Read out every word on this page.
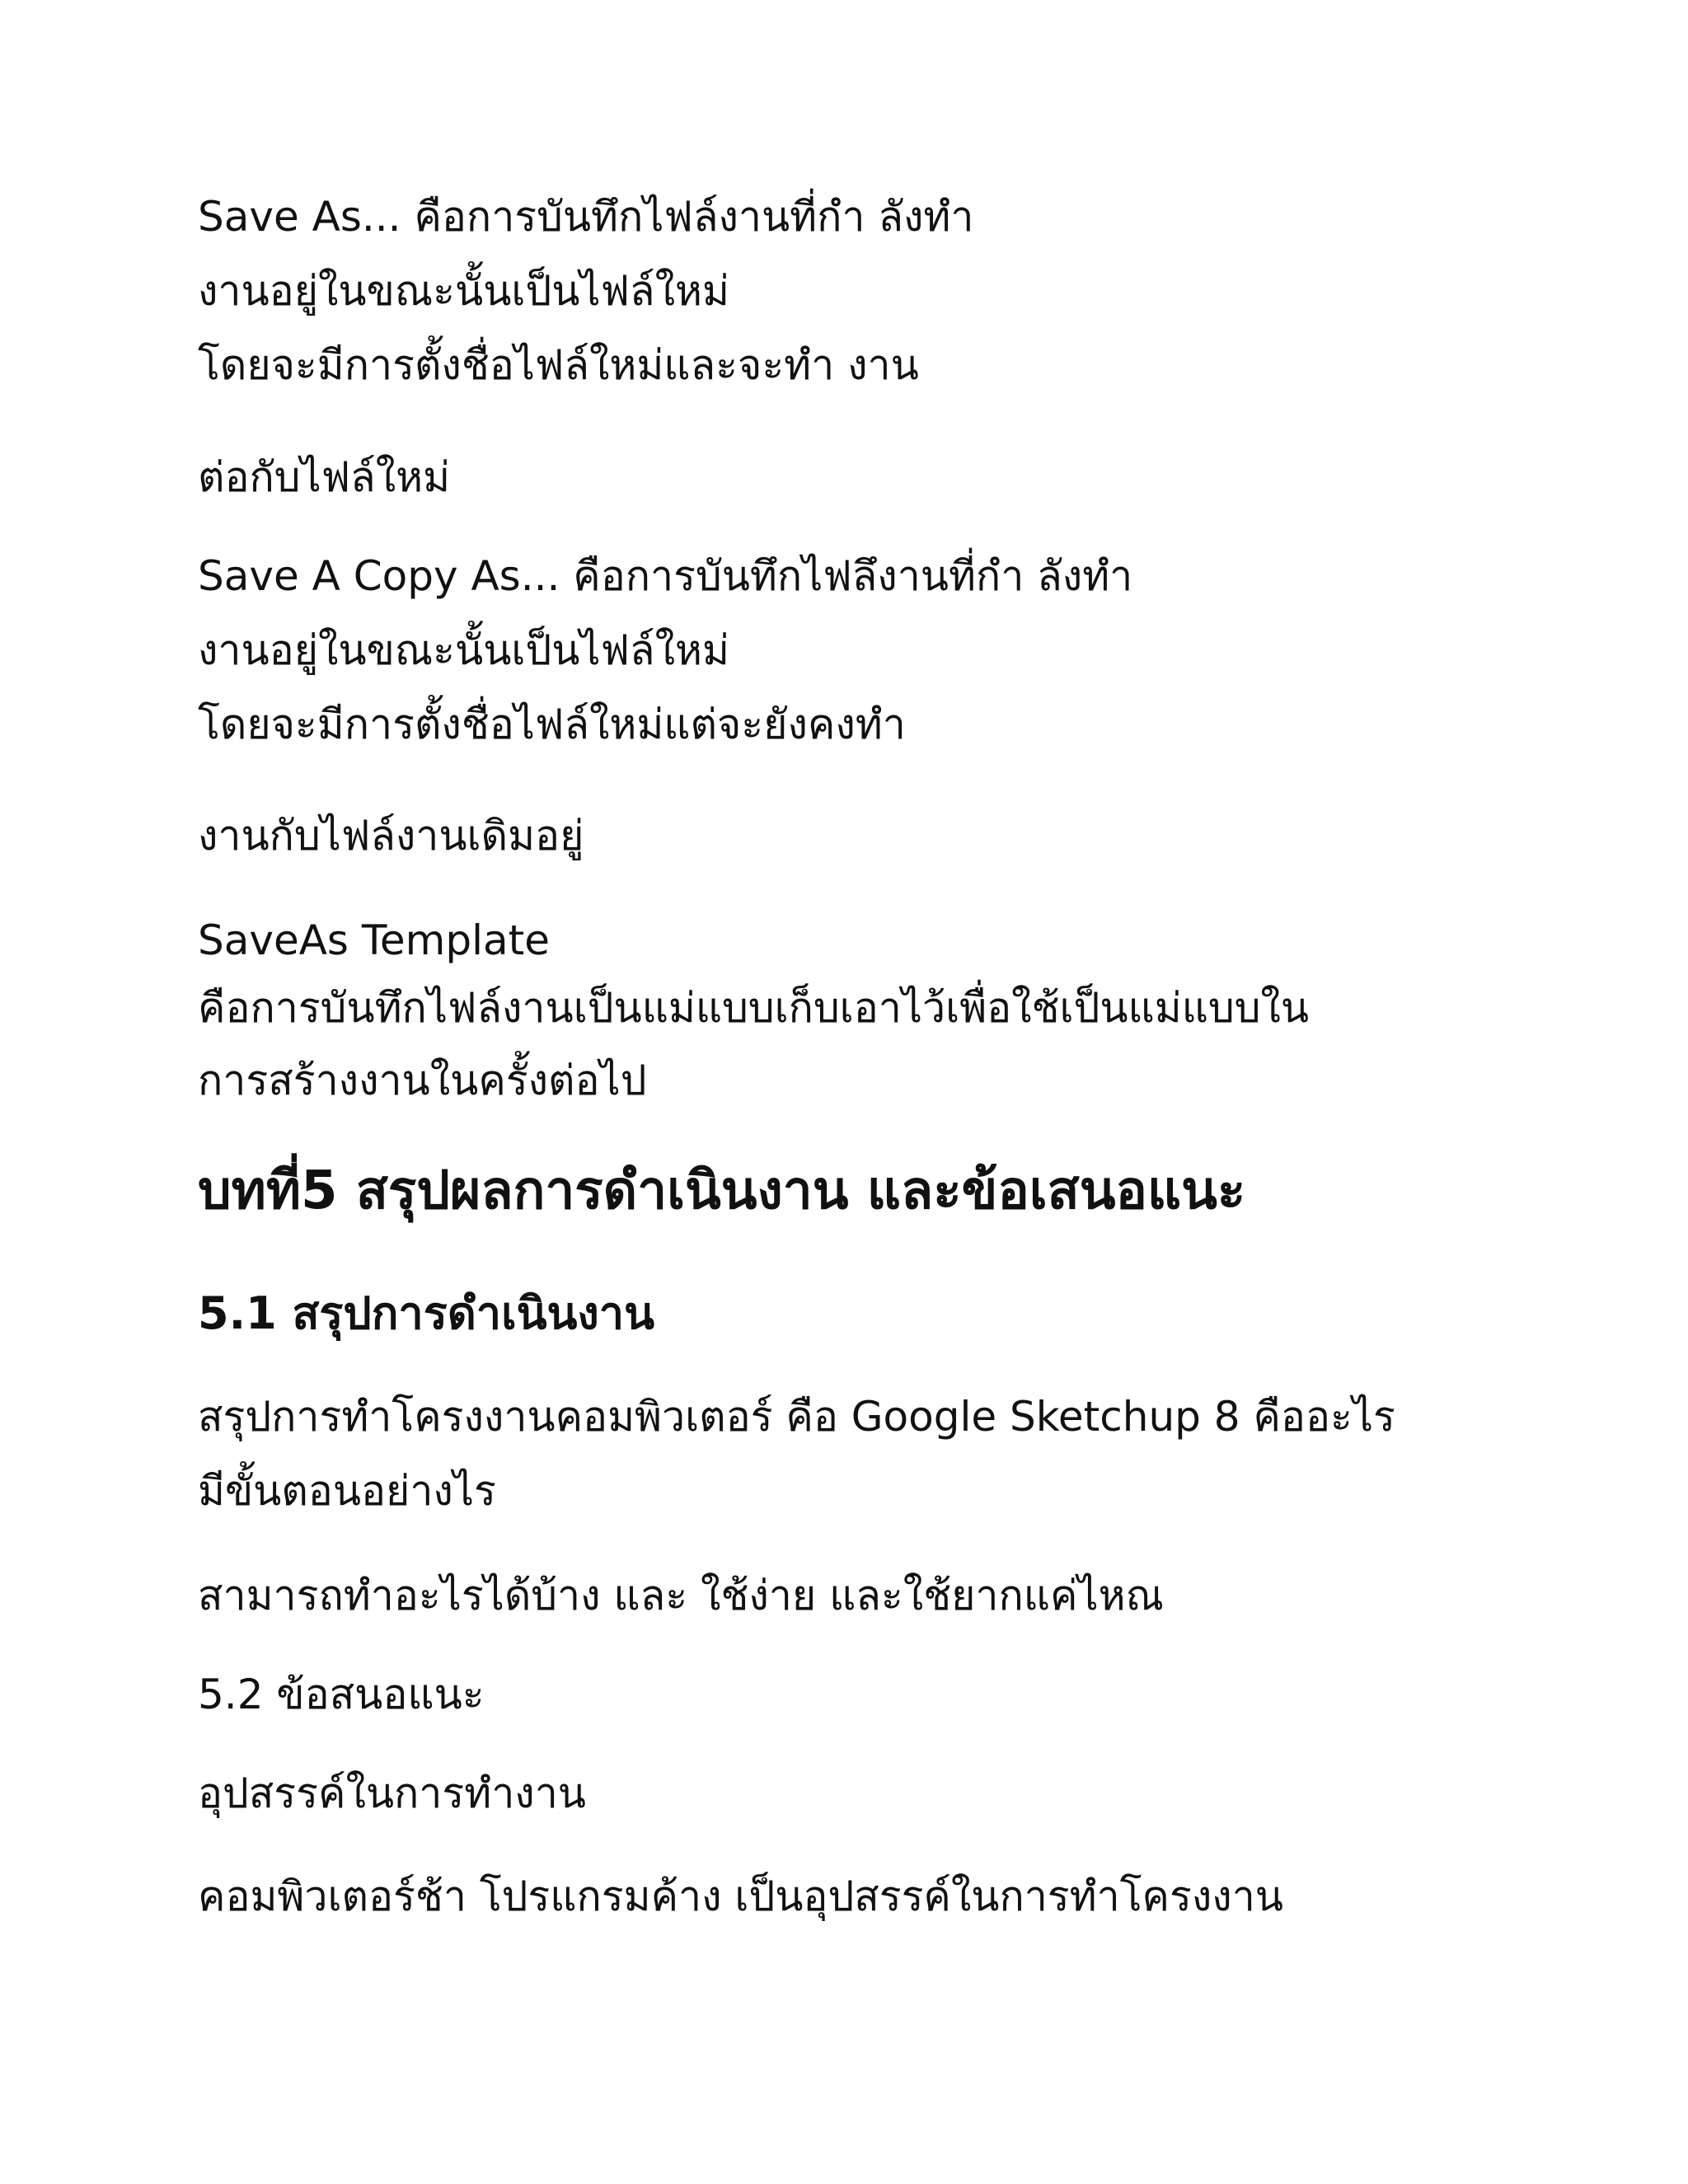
Save As... คือการบันทึกไฟล์งานที่กำ ลังทำ

งานอยู่ในขณะนั้นเป็นไฟล์ใหม่

โดยจะมีการตั้งชื่อไฟล์ใหม่และจะทำ งาน

ต่อกับไฟล์ใหม่

Save A Copy As... คือการบันทึกไฟลึงานที่กำ ลังทำ

งานอยู่ในขณะนั้นเป็นไฟล์ใหม่

โดยจะมีการตั้งชื่อไฟล์ใหม่แต่จะยังคงทำ

งานกับไฟล์งานเดิมอยู่

SaveAs Template

คือการบันทึกไฟล์งานเป็นแม่แบบเก็บเอาไว้เพื่อใช้เป็นแม่แบบใน

การสร้างงานในครั้งต่อไป

บทที่5 สรุปผลการดำเนินงาน และข้อเสนอแนะ
5.1 สรุปการดำเนินงาน

สรุปการทำโครงงานคอมพิวเตอร์ คือ Google Sketchup 8 คืออะไร

มีขั้นตอนอย่างไร

สามารถทำอะไรได้บ้าง และ ใช้ง่าย และใช้ยากแค่ไหณ

5.2 ข้อสนอแนะ

อุปสรรค์ในการทำงาน

คอมพิวเตอร์ช้า โปรแกรมค้าง เป็นอุปสรรค์ในการทำโครงงาน
